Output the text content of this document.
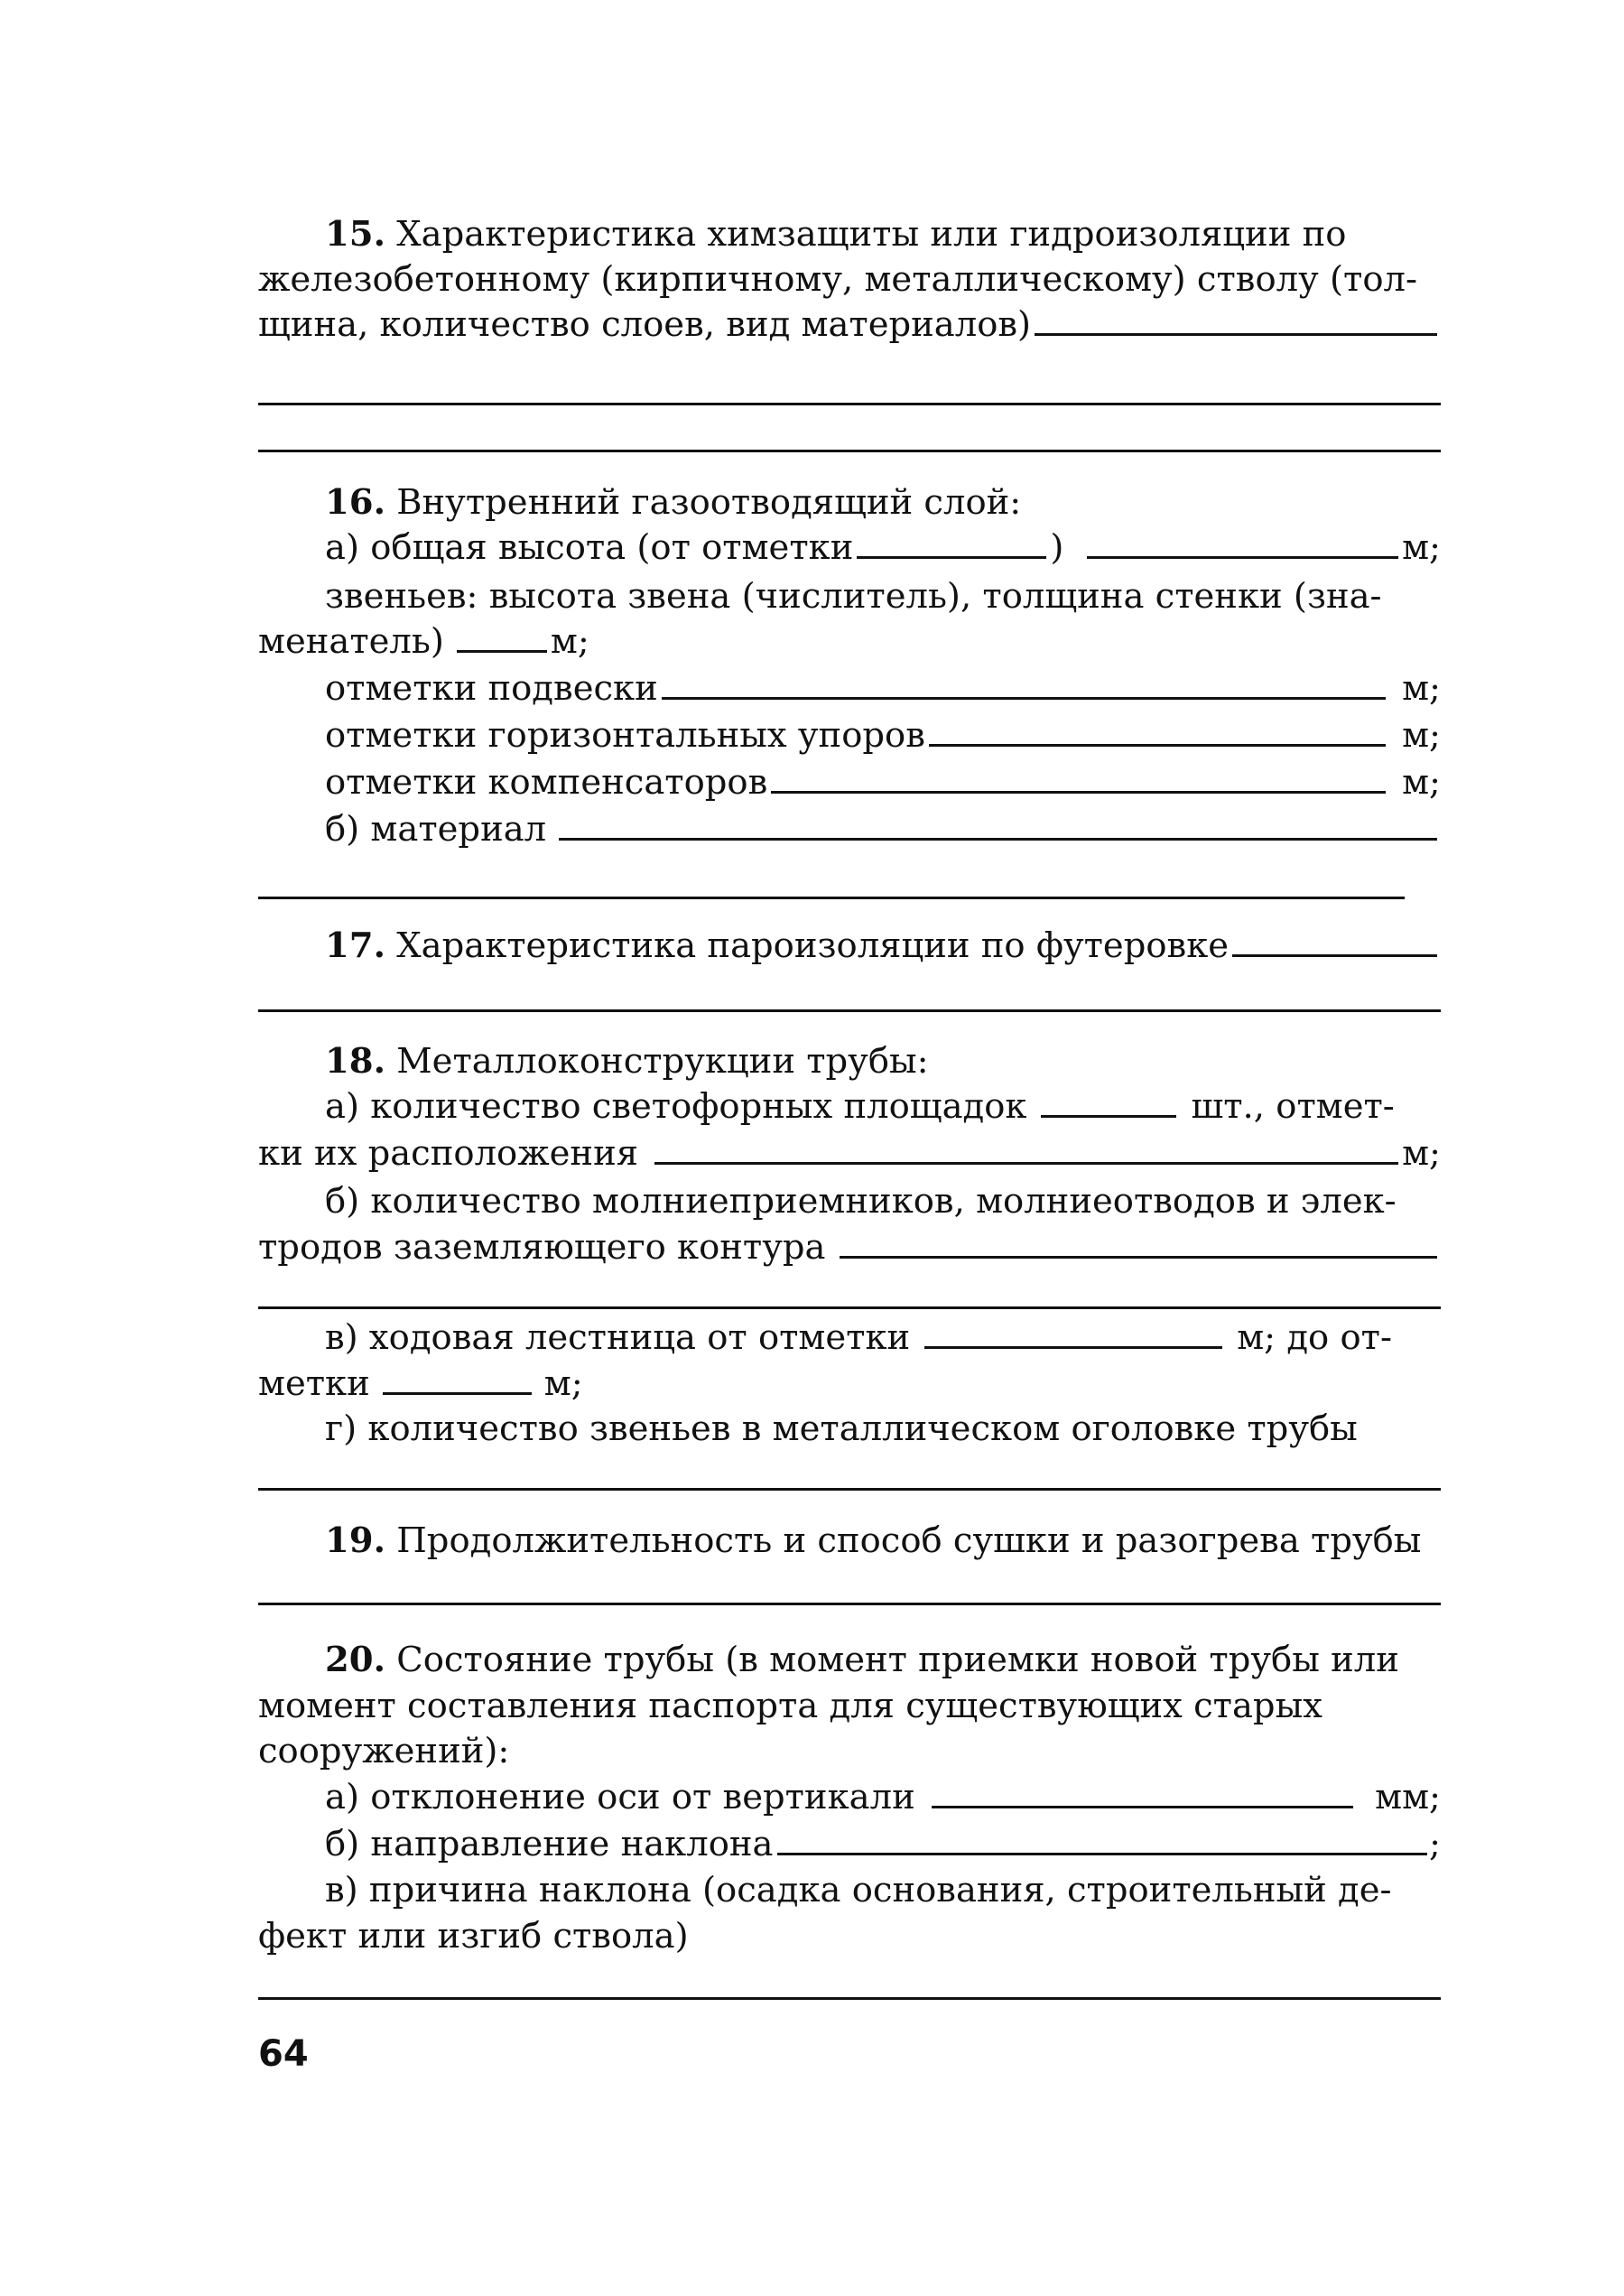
15. Характеристика химзащиты или гидроизоляции по
железобетонному (кирпичному, металлическому) стволу (тол-
щина, количество слоев, вид материалов)
16.
Внутренний газоотводящий слой:
а) общая высота (от отметки	)	м;
звеньев: высота звена (числитель), толщина стенки (зна-
менатель)	м;
отметки подвески	м;
отметки горизонтальных упоров	м;
отметки компенсаторов	м;
б) материал
17.
Характеристика пароизоляции по футеровке
18.
Металлоконструкции трубы:
а) количество светофорных площадок	шт., отмет-
ки их расположения	м;
б) количество молниеприемников, молниеотводов и элек-
тродов заземляющего контура
в) ходовая лестница от отметки	м; до от-
метки	м;
г) количество звеньев в металлическом оголовке трубы
19.
Продолжительность и способ сушки и разогрева трубы
20.
Состояние трубы (в момент приемки новой трубы или
момент составления паспорта для существующих старых
сооружений):
а) отклонение оси от вертикали	мм;
б) направление наклона	;
в) причина наклона (осадка основания, строительный де-
фект или изгиб ствола)
64
